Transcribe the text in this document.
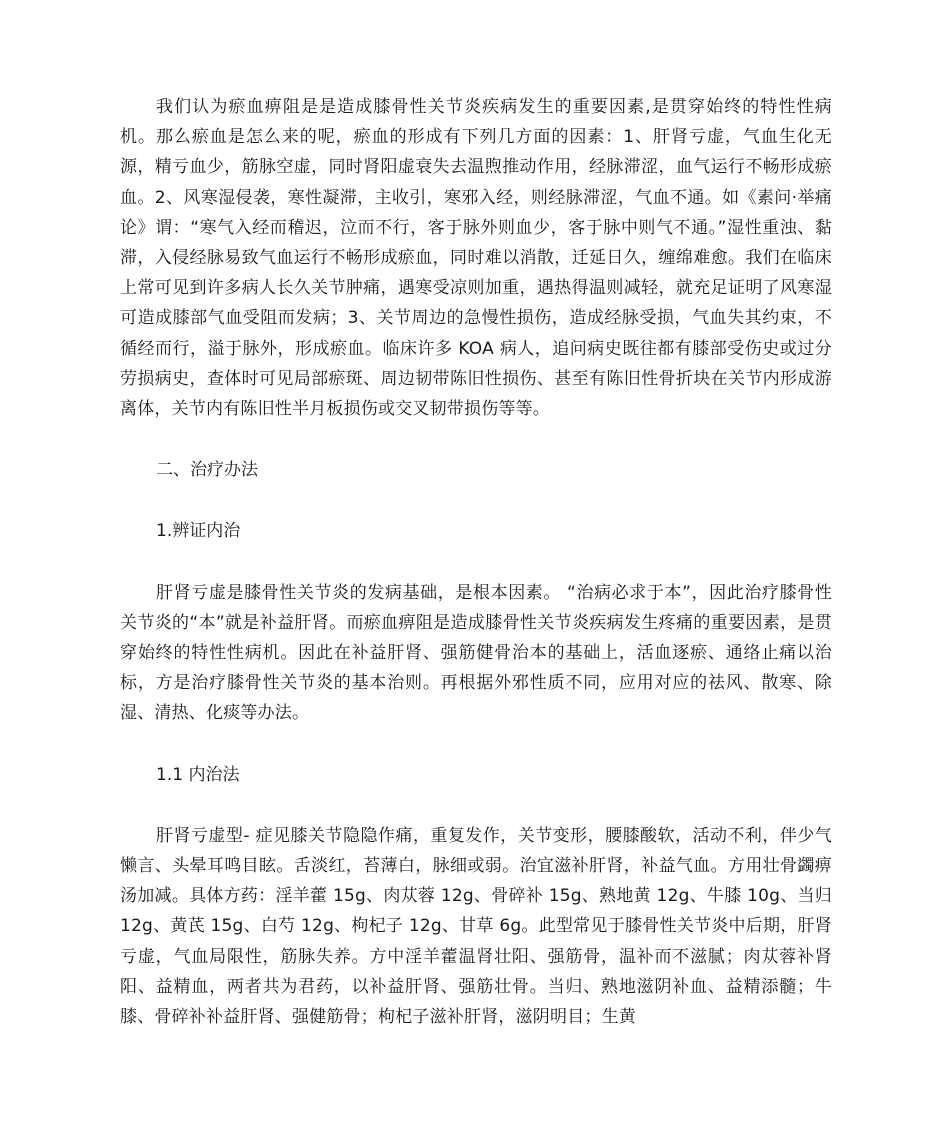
我们认为瘀血痹阻是是造成膝骨性关节炎疾病发生的重要因素,是贯穿始终的特性性病机。那么瘀血是怎么来的呢，瘀血的形成有下列几方面的因素：1、肝肾亏虚，气血生化无源，精亏血少，筋脉空虚，同时肾阳虚衰失去温煦推动作用，经脉滞涩，血气运行不畅形成瘀血。2、风寒湿侵袭，寒性凝滞，主收引，寒邪入经，则经脉滞涩，气血不通。如《素问·举痛论》谓：“寒气入经而稽迟，泣而不行，客于脉外则血少，客于脉中则气不通。”湿性重浊、黏滞，入侵经脉易致气血运行不畅形成瘀血，同时难以消散，迁延日久，缠绵难愈。我们在临床上常可见到许多病人长久关节肿痛，遇寒受凉则加重，遇热得温则减轻，就充足证明了风寒湿可造成膝部气血受阻而发病；3、关节周边的急慢性损伤，造成经脉受损，气血失其约束，不循经而行，溢于脉外，形成瘀血。临床许多 KOA 病人，追问病史既往都有膝部受伤史或过分劳损病史，查体时可见局部瘀斑、周边韧带陈旧性损伤、甚至有陈旧性骨折块在关节内形成游离体，关节内有陈旧性半月板损伤或交叉韧带损伤等等。

二、治疗办法

1.辨证内治

肝肾亏虚是膝骨性关节炎的发病基础，是根本因素。 “治病必求于本”，因此治疗膝骨性关节炎的“本”就是补益肝肾。而瘀血痹阻是造成膝骨性关节炎疾病发生疼痛的重要因素，是贯穿始终的特性性病机。因此在补益肝肾、强筋健骨治本的基础上，活血逐瘀、通络止痛以治标，方是治疗膝骨性关节炎的基本治则。再根据外邪性质不同，应用对应的祛风、散寒、除湿、清热、化痰等办法。

1.1 内治法

肝肾亏虚型- 症见膝关节隐隐作痛，重复发作，关节变形，腰膝酸软，活动不利，伴少气懒言、头晕耳鸣目眩。舌淡红，苔薄白，脉细或弱。治宜滋补肝肾，补益气血。方用壮骨蠲痹汤加减。具体方药：淫羊藿 15g、肉苁蓉 12g、骨碎补 15g、熟地黄 12g、牛膝 10g、当归 12g、黄芪 15g、白芍 12g、枸杞子 12g、甘草 6g。此型常见于膝骨性关节炎中后期，肝肾亏虚，气血局限性，筋脉失养。方中淫羊藿温肾壮阳、强筋骨，温补而不滋腻；肉苁蓉补肾阳、益精血，两者共为君药，以补益肝肾、强筋壮骨。当归、熟地滋阴补血、益精添髓；牛膝、骨碎补补益肝肾、强健筋骨；枸杞子滋补肝肾，滋阴明目；生黄
